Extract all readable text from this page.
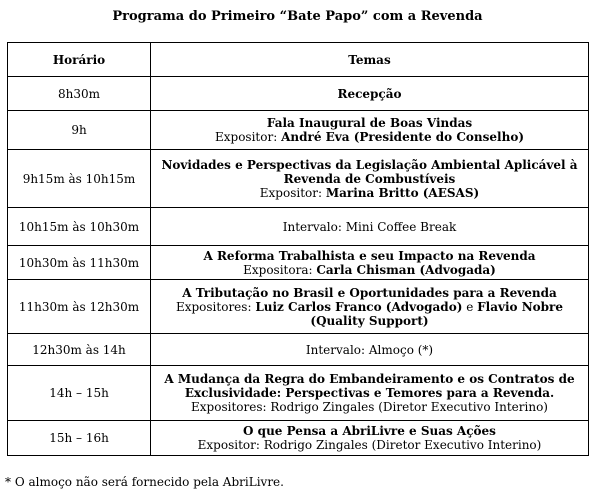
Programa do Primeiro “Bate Papo” com a Revenda
Horário	Temas
8h30m	Recepção
9h	Fala Inaugural de Boas Vindas
Expositor: André Eva (Presidente do Conselho)

9h15m às 10h15m	Novidades e Perspectivas da Legislação Ambiental Aplicável à Revenda de Combustíveis
Expositor: Marina Britto (AESAS)

10h15m às 10h30m	Intervalo: Mini Coffee Break
10h30m às 11h30m	A Reforma Trabalhista e seu Impacto na Revenda
Expositora: Carla Chisman (Advogada)

11h30m às 12h30m	A Tributação no Brasil e Oportunidades para a Revenda
Expositores: Luiz Carlos Franco (Advogado) e Flavio Nobre (Quality Support)

12h30m às 14h	Intervalo: Almoço (*)
14h – 15h	A Mudança da Regra do Embandeiramento e os Contratos de Exclusividade: Perspectivas e Temores para a Revenda.
Expositores: Rodrigo Zingales (Diretor Executivo Interino)

15h – 16h	O que Pensa a AbriLivre e Suas Ações
Expositor: Rodrigo Zingales (Diretor Executivo Interino)
* O almoço não será fornecido pela AbriLivre.
